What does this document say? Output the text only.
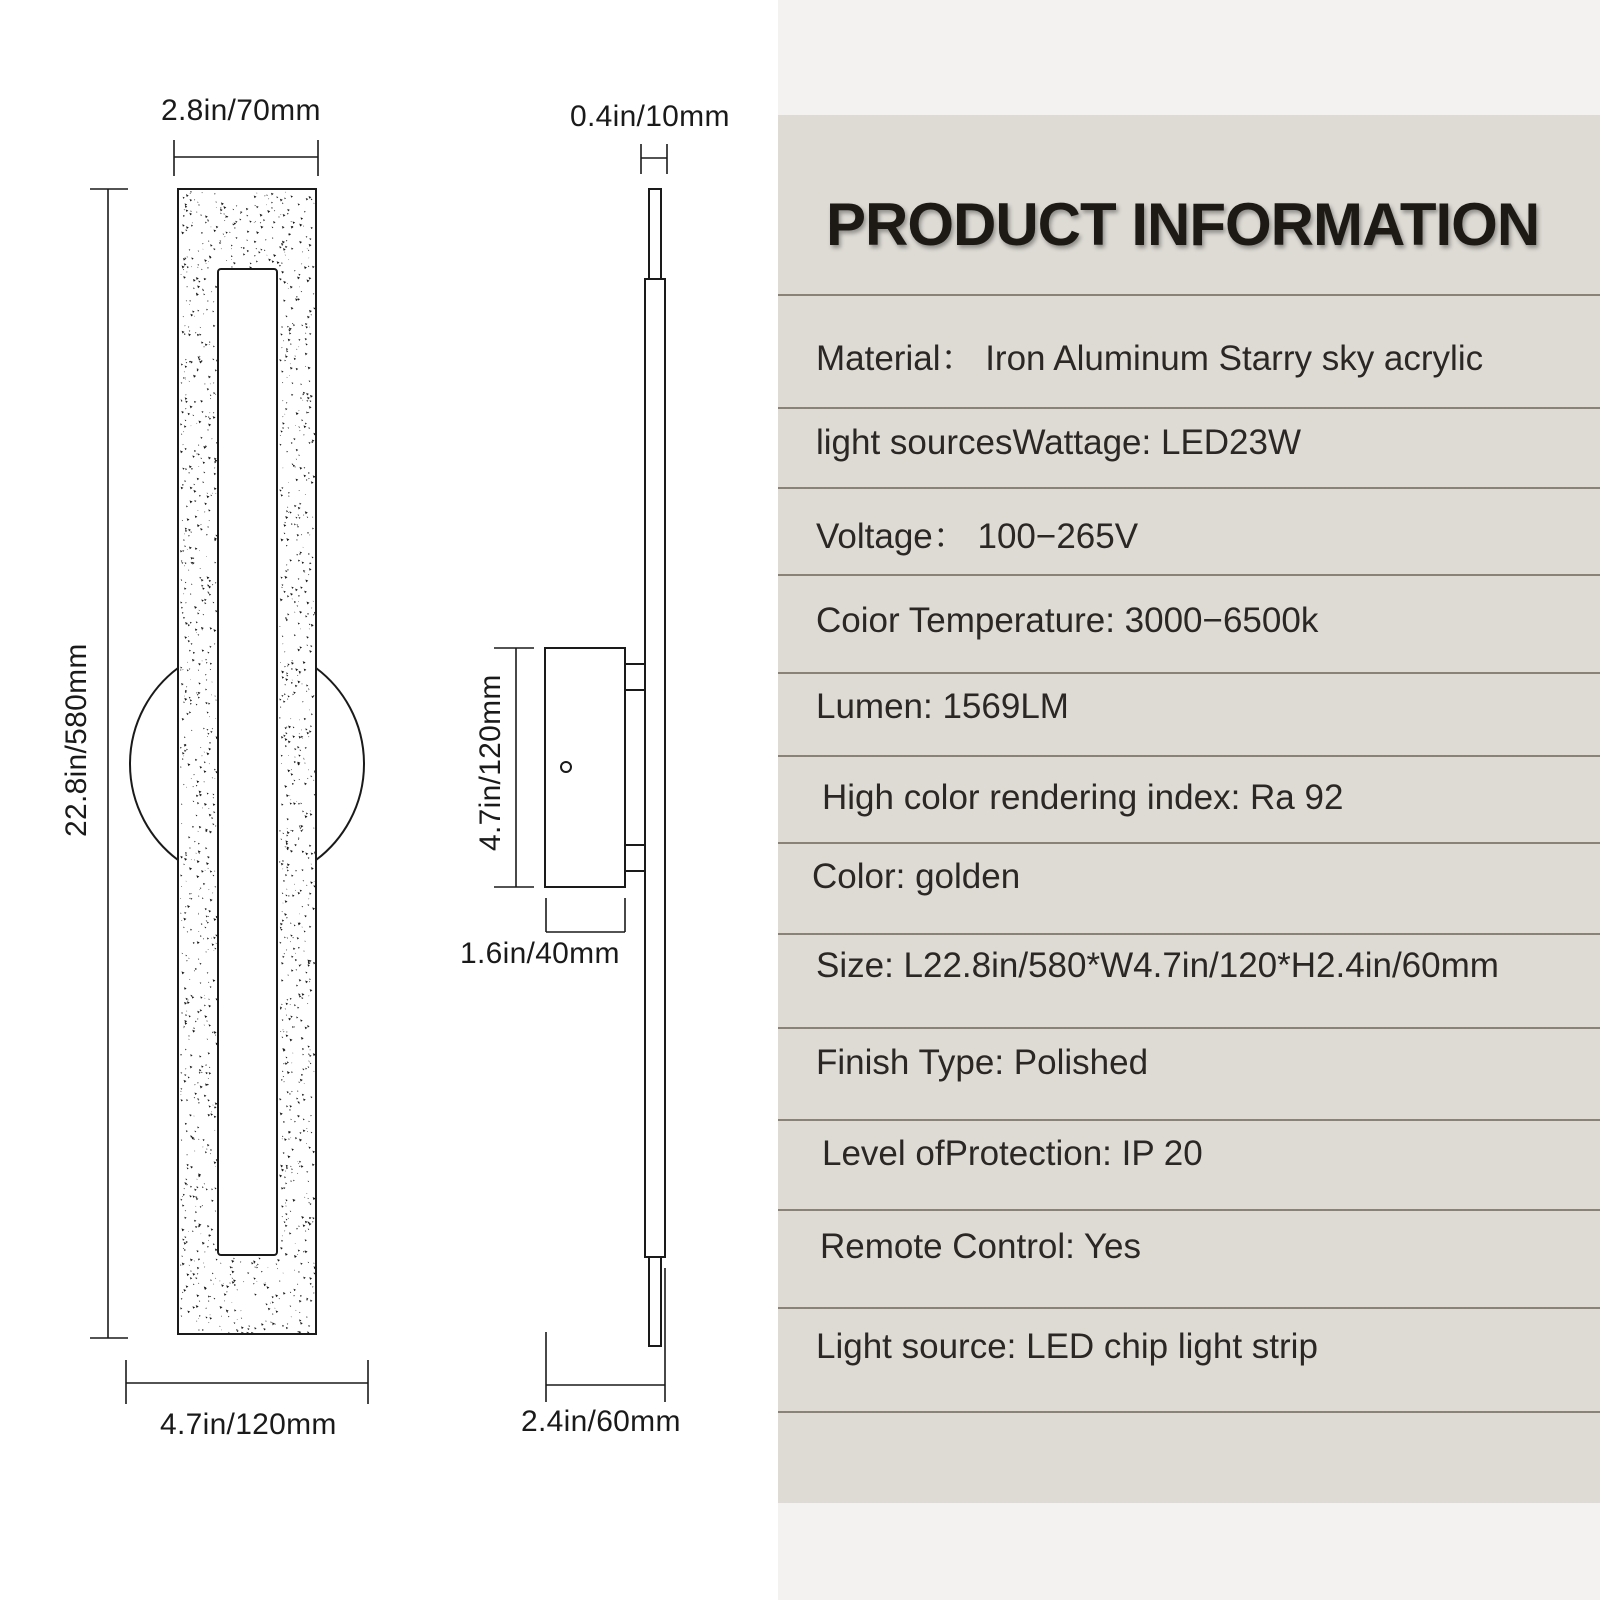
2.8in/70mm
22.8in/580mm
4.7in/120mm
0.4in/10mm
4.7in/120mm
1.6in/40mm
2.4in/60mm
PRODUCT INFORMATION
Material： Iron Aluminum Starry sky acrylic
light sourcesWattage: LED23W
Voltage： 100−265V
Coior Temperature: 3000−6500k
Lumen: 1569LM
High color rendering index: Ra 92
Color: golden
Size: L22.8in/580*W4.7in/120*H2.4in/60mm
Finish Type: Polished
Level ofProtection: IP 20
Remote Control: Yes
Light source: LED chip light strip
